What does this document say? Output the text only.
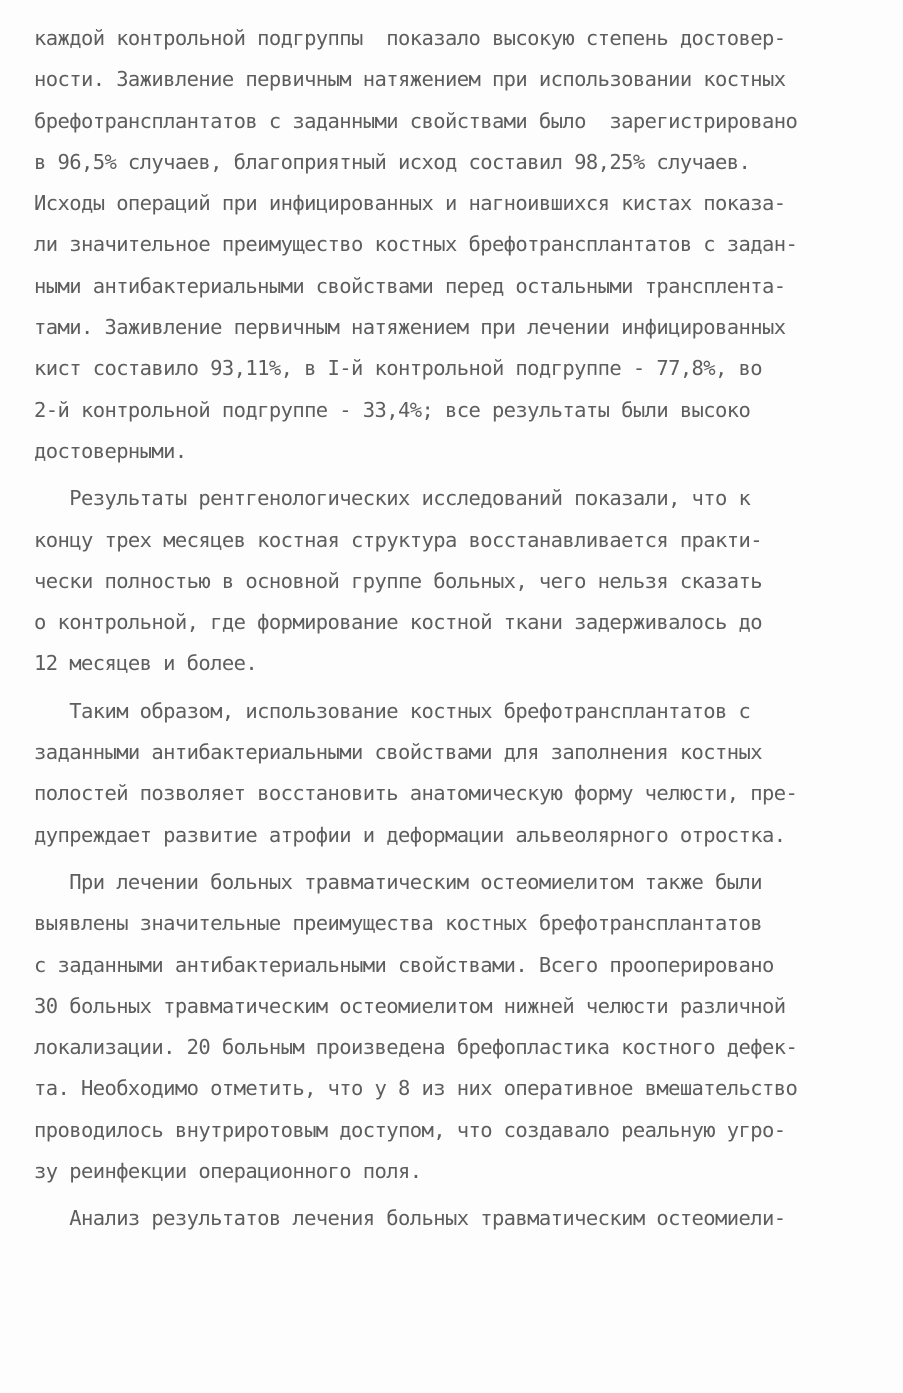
каждой контрольной подгруппы  показало высокую степень достовер-
ности. Заживление первичным натяжением при использовании костных
брефотрансплантатов с заданными свойствами было  зарегистрировано
в 96,5% случаев, благоприятный исход составил 98,25% случаев.
Исходы операций при инфицированных и нагноившихся кистах показа-
ли значительное преимущество костных брефотрансплантатов с задан-
ными антибактериальными свойствами перед остальными трансплента-
тами. Заживление первичным натяжением при лечении инфицированных
кист составило 93,11%, в I-й контрольной подгруппе - 77,8%, во
2-й контрольной подгруппе - 33,4%; все результаты были высоко
достоверными.
Результаты рентгенологических исследований показали, что к
концу трех месяцев костная структура восстанавливается практи-
чески полностью в основной группе больных, чего нельзя сказать
о контрольной, где формирование костной ткани задерживалось до
12 месяцев и более.
Таким образом, использование костных брефотрансплантатов с
заданными антибактериальными свойствами для заполнения костных
полостей позволяет восстановить анатомическую форму челюсти, пре-
дупреждает развитие атрофии и деформации альвеолярного отростка.
При лечении больных травматическим остеомиелитом также были
выявлены значительные преимущества костных брефотрансплантатов
с заданными антибактериальными свойствами. Всего прооперировано
30 больных травматическим остеомиелитом нижней челюсти различной
локализации. 20 больным произведена брефопластика костного дефек-
та. Необходимо отметить, что у 8 из них оперативное вмешательство
проводилось внутриротовым доступом, что создавало реальную угро-
зу реинфекции операционного поля.
Анализ результатов лечения больных травматическим остеомиели-
